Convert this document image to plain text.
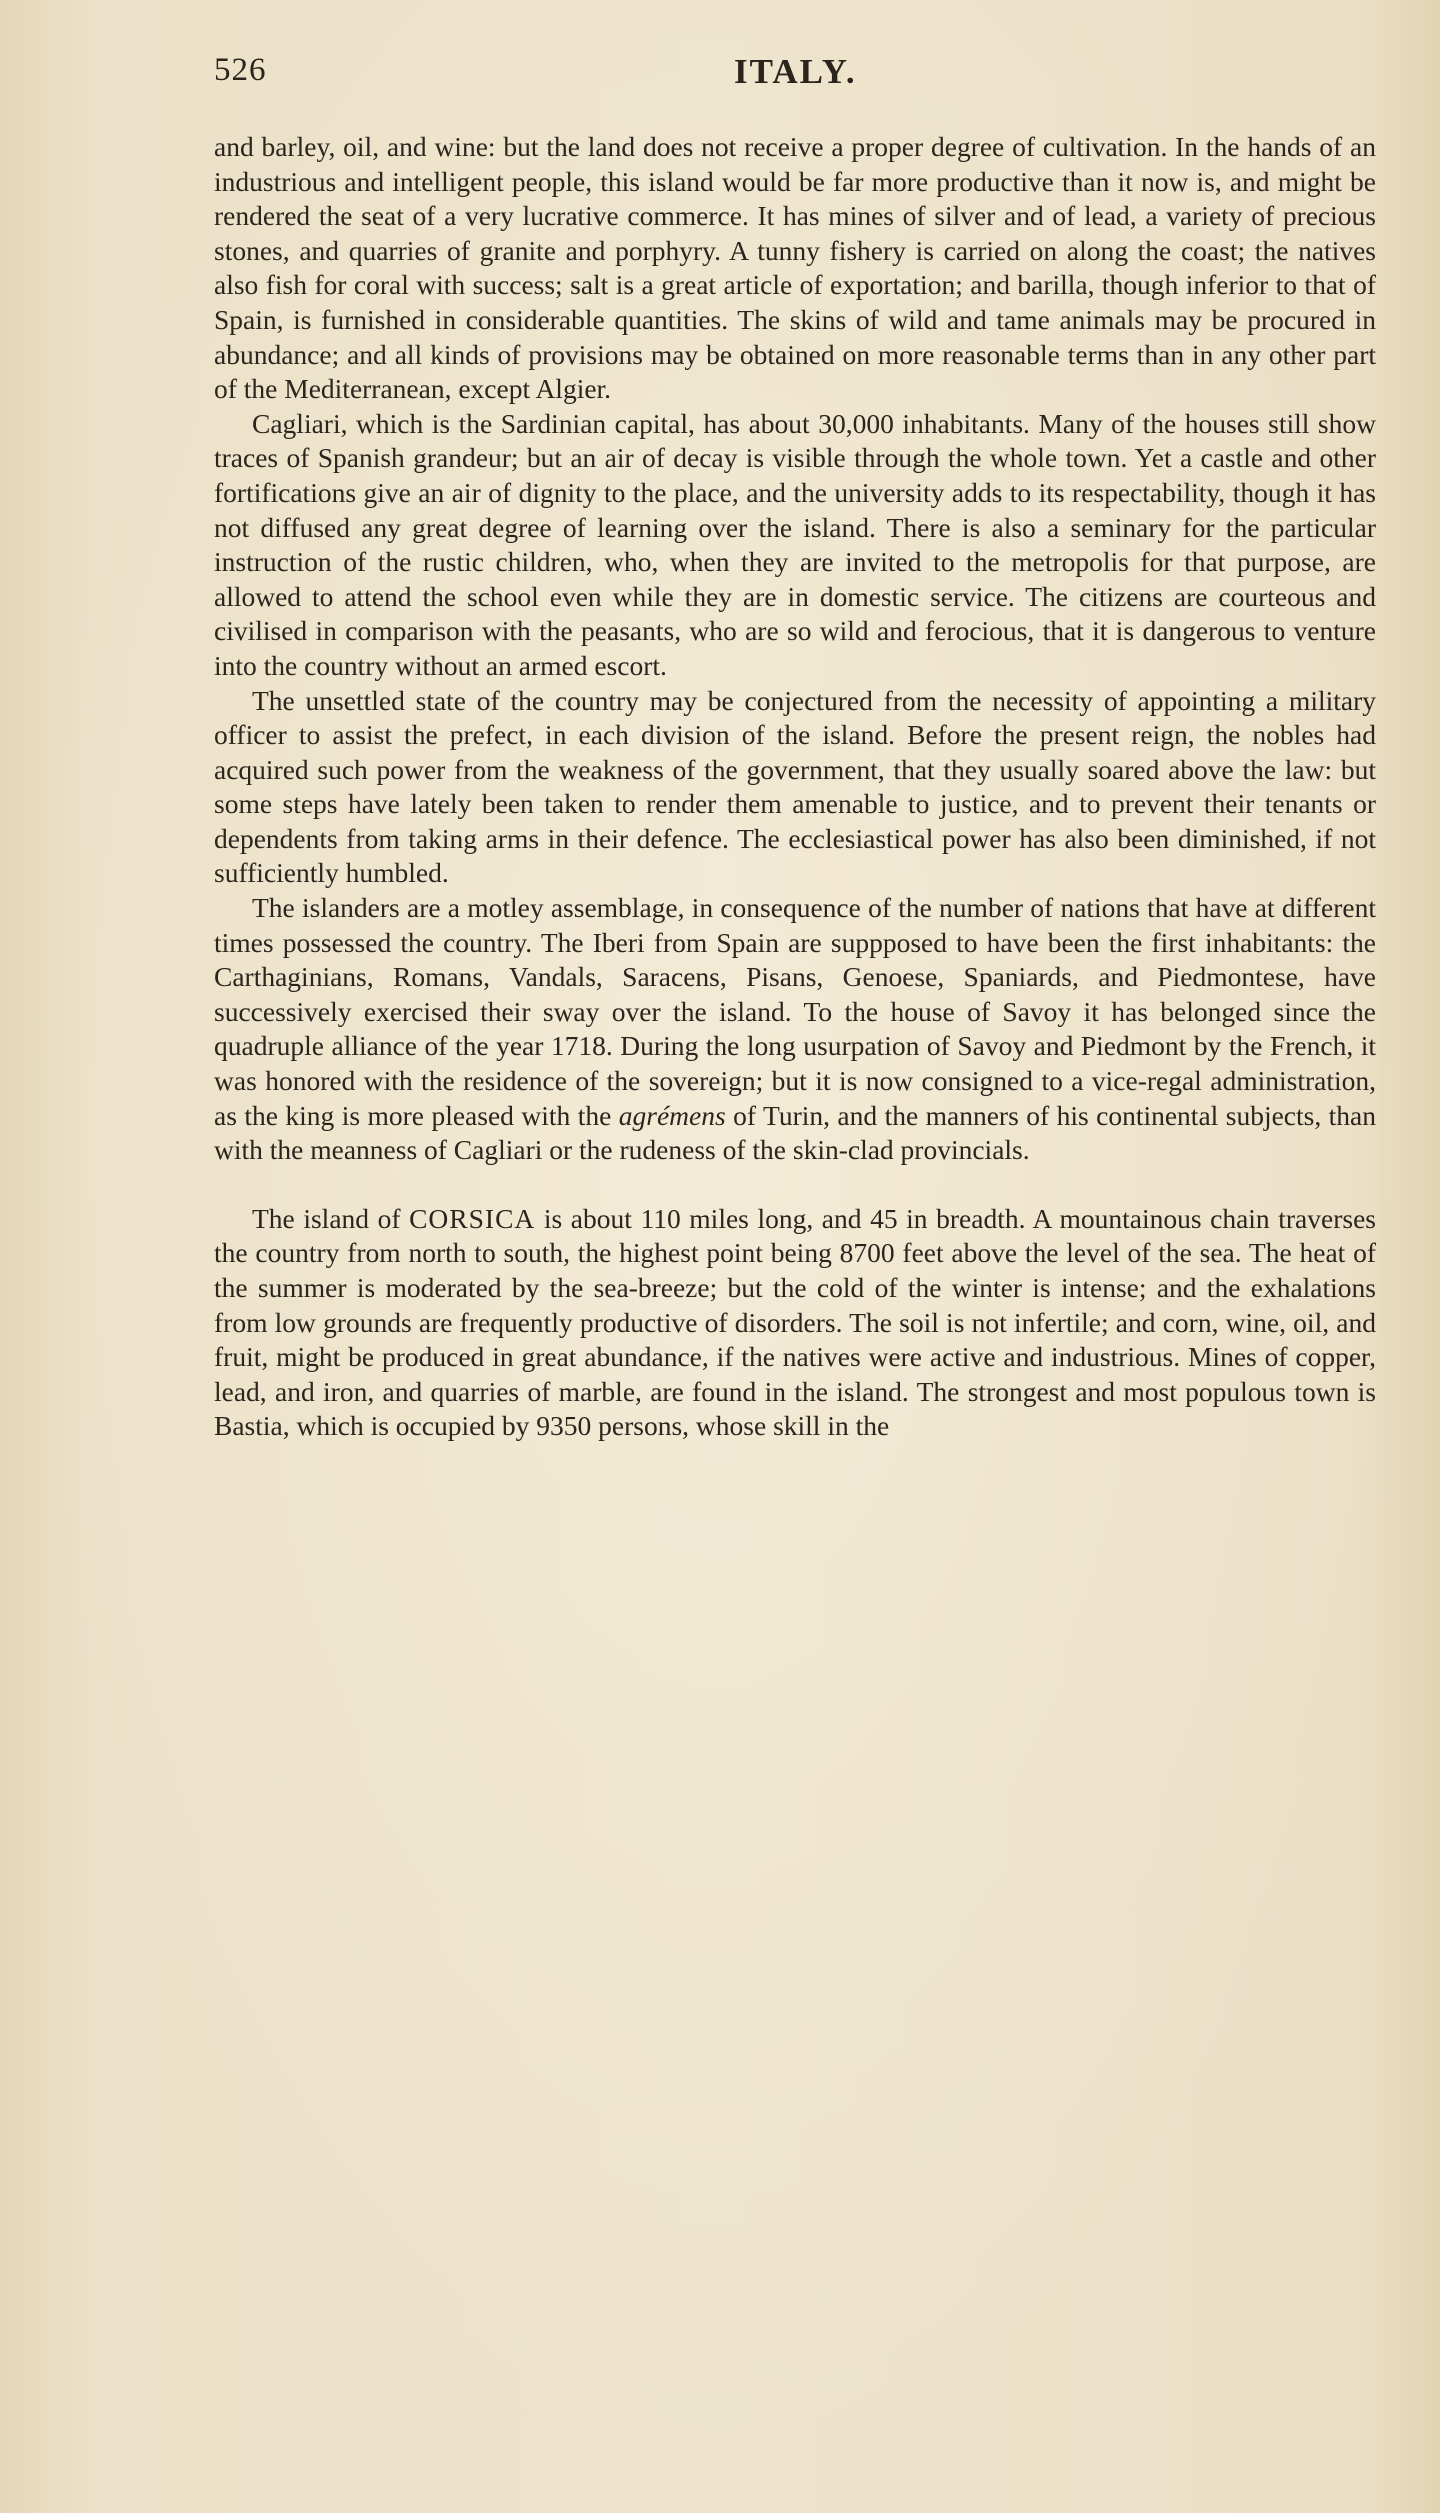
526	ITALY.

and barley, oil, and wine: but the land does not receive a proper degree of cultivation. In the hands of an industrious and intelligent people, this island would be far more productive than it now is, and might be rendered the seat of a very lucrative commerce. It has mines of silver and of lead, a variety of precious stones, and quarries of granite and porphyry. A tunny fishery is carried on along the coast; the natives also fish for coral with success; salt is a great article of exportation; and barilla, though inferior to that of Spain, is furnished in considerable quantities. The skins of wild and tame animals may be procured in abundance; and all kinds of provisions may be obtained on more reasonable terms than in any other part of the Mediterranean, except Algier.

Cagliari, which is the Sardinian capital, has about 30,000 inhabitants. Many of the houses still show traces of Spanish grandeur; but an air of decay is visible through the whole town. Yet a castle and other fortifications give an air of dignity to the place, and the university adds to its respectability, though it has not diffused any great degree of learning over the island. There is also a seminary for the particular instruction of the rustic children, who, when they are invited to the metropolis for that purpose, are allowed to attend the school even while they are in domestic service. The citizens are courteous and civilised in comparison with the peasants, who are so wild and ferocious, that it is dangerous to venture into the country without an armed escort.

The unsettled state of the country may be conjectured from the necessity of appointing a military officer to assist the prefect, in each division of the island. Before the present reign, the nobles had acquired such power from the weakness of the government, that they usually soared above the law: but some steps have lately been taken to render them amenable to justice, and to prevent their tenants or dependents from taking arms in their defence. The ecclesiastical power has also been diminished, if not sufficiently humbled.

The islanders are a motley assemblage, in consequence of the number of nations that have at different times possessed the country. The Iberi from Spain are suppposed to have been the first inhabitants: the Carthaginians, Romans, Vandals, Saracens, Pisans, Genoese, Spaniards, and Piedmontese, have successively exercised their sway over the island. To the house of Savoy it has belonged since the quadruple alliance of the year 1718. During the long usurpation of Savoy and Piedmont by the French, it was honored with the residence of the sovereign; but it is now consigned to a vice-regal administration, as the king is more pleased with the agrémens of Turin, and the manners of his continental subjects, than with the meanness of Cagliari or the rudeness of the skin-clad provincials.

The island of CORSICA is about 110 miles long, and 45 in breadth. A mountainous chain traverses the country from north to south, the highest point being 8700 feet above the level of the sea. The heat of the summer is moderated by the sea-breeze; but the cold of the winter is intense; and the exhalations from low grounds are frequently productive of disorders. The soil is not infertile; and corn, wine, oil, and fruit, might be produced in great abundance, if the natives were active and industrious. Mines of copper, lead, and iron, and quarries of marble, are found in the island. The strongest and most populous town is Bastia, which is occupied by 9350 persons, whose skill in the
